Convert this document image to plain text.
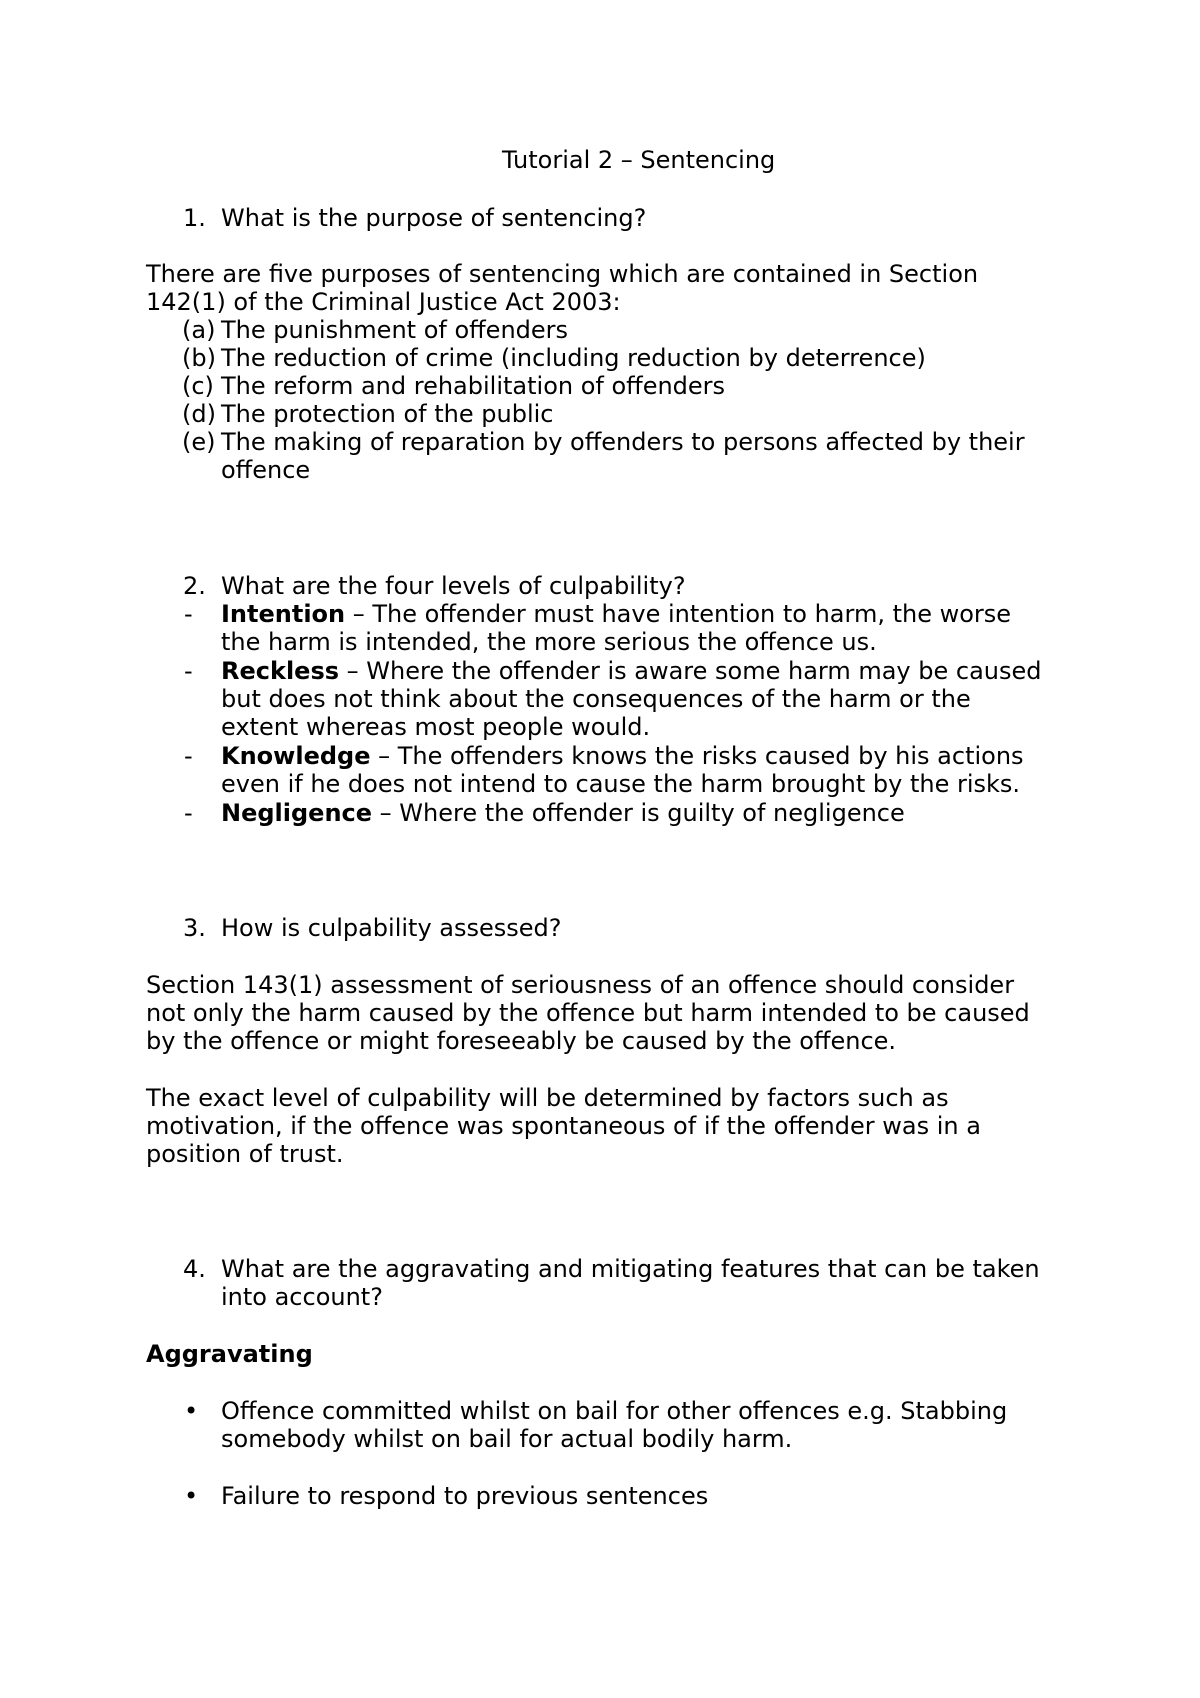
Tutorial 2 – Sentencing
1. What is the purpose of sentencing?
There are five purposes of sentencing which are contained in Section
142(1) of the Criminal Justice Act 2003:
(a) The punishment of offenders
(b) The reduction of crime (including reduction by deterrence)
(c) The reform and rehabilitation of offenders
(d) The protection of the public
(e) The making of reparation by offenders to persons affected by their
offence
2. What are the four levels of culpability?
- Intention – The offender must have intention to harm, the worse
the harm is intended, the more serious the offence us.
- Reckless – Where the offender is aware some harm may be caused
but does not think about the consequences of the harm or the
extent whereas most people would.
- Knowledge – The offenders knows the risks caused by his actions
even if he does not intend to cause the harm brought by the risks.
- Negligence – Where the offender is guilty of negligence
3. How is culpability assessed?
Section 143(1) assessment of seriousness of an offence should consider
not only the harm caused by the offence but harm intended to be caused
by the offence or might foreseeably be caused by the offence.
The exact level of culpability will be determined by factors such as
motivation, if the offence was spontaneous of if the offender was in a
position of trust.
4. What are the aggravating and mitigating features that can be taken
into account?
Aggravating
• Offence committed whilst on bail for other offences e.g. Stabbing
somebody whilst on bail for actual bodily harm.
• Failure to respond to previous sentences
